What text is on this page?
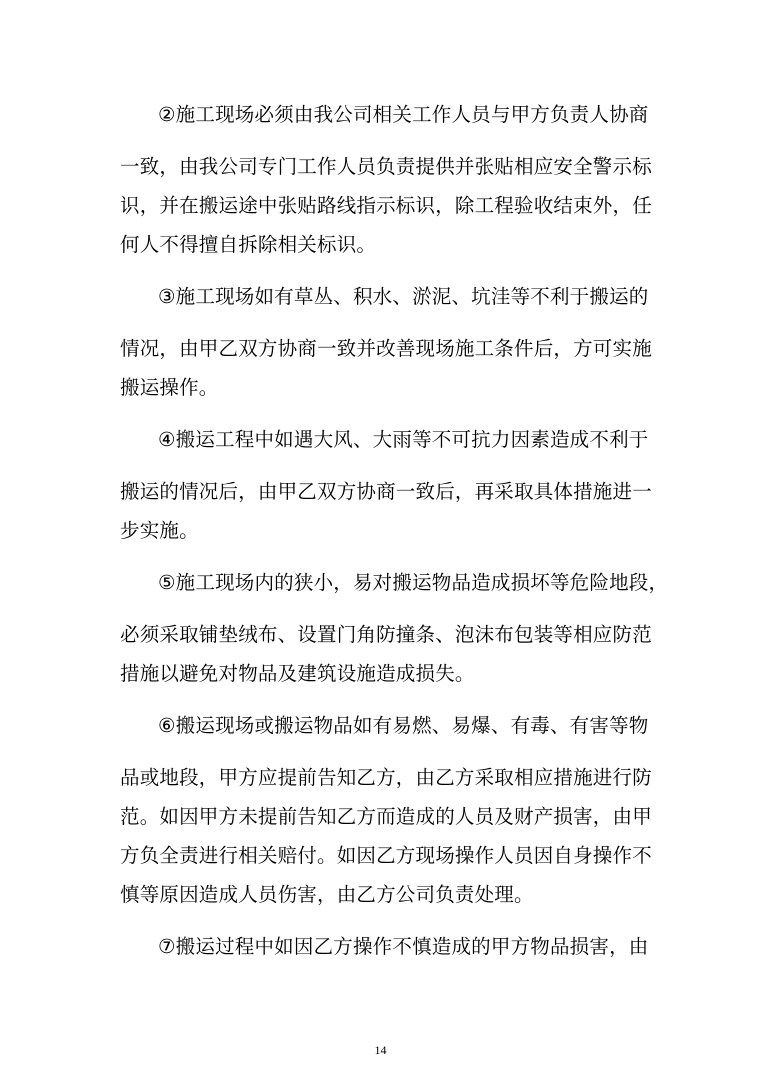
②施工现场必须由我公司相关工作人员与甲方负责人协商
一致，由我公司专门工作人员负责提供并张贴相应安全警示标
识，并在搬运途中张贴路线指示标识，除工程验收结束外，任
何人不得擅自拆除相关标识。
③施工现场如有草丛、积水、淤泥、坑洼等不利于搬运的
情况，由甲乙双方协商一致并改善现场施工条件后，方可实施
搬运操作。
④搬运工程中如遇大风、大雨等不可抗力因素造成不利于
搬运的情况后，由甲乙双方协商一致后，再采取具体措施进一
步实施。
⑤施工现场内的狭小，易对搬运物品造成损坏等危险地段，
必须采取铺垫绒布、设置门角防撞条、泡沫布包装等相应防范
措施以避免对物品及建筑设施造成损失。
⑥搬运现场或搬运物品如有易燃、易爆、有毒、有害等物
品或地段，甲方应提前告知乙方，由乙方采取相应措施进行防
范。如因甲方未提前告知乙方而造成的人员及财产损害，由甲
方负全责进行相关赔付。如因乙方现场操作人员因自身操作不
慎等原因造成人员伤害，由乙方公司负责处理。
⑦搬运过程中如因乙方操作不慎造成的甲方物品损害，由
14
